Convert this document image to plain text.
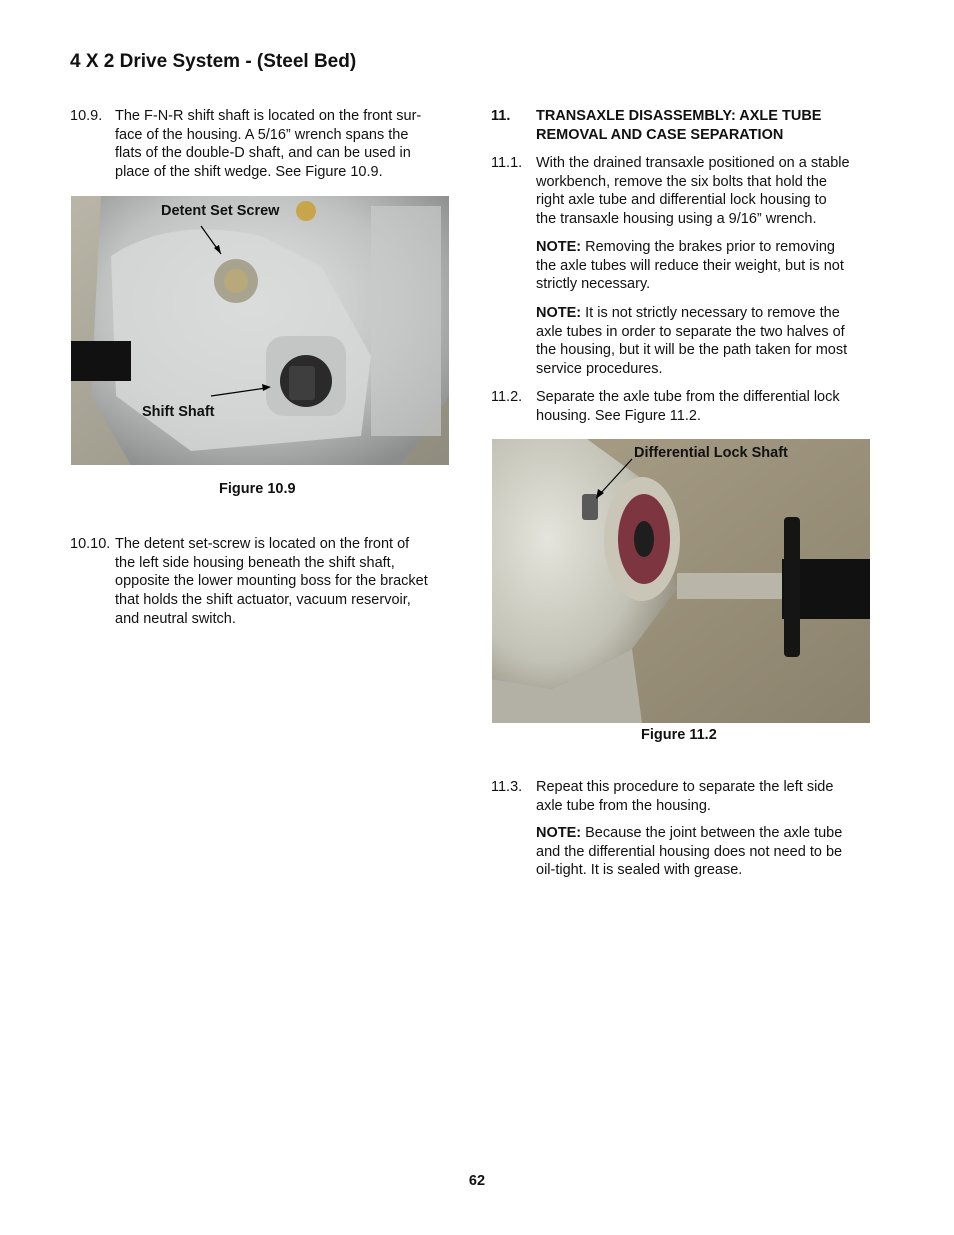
4 X 2 Drive System - (Steel Bed)
10.9. The F-N-R shift shaft is located on the front sur-
face of the housing. A 5/16” wrench spans the
flats of the double-D shaft, and can be used in
place of the shift wedge. See Figure 10.9.
Detent Set Screw
Shift Shaft
Figure 10.9
10.10. The detent set-screw is located on the front of
the left side housing beneath the shift shaft,
opposite the lower mounting boss for the bracket
that holds the shift actuator, vacuum reservoir,
and neutral switch.
11. TRANSAXLE DISASSEMBLY: AXLE TUBE
REMOVAL AND CASE SEPARATION
11.1. With the drained transaxle positioned on a stable
workbench, remove the six bolts that hold the
right axle tube and differential lock housing to
the transaxle housing using a 9/16” wrench.
NOTE: Removing the brakes prior to removing
the axle tubes will reduce their weight, but is not
strictly necessary.
NOTE: It is not strictly necessary to remove the
axle tubes in order to separate the two halves of
the housing, but it will be the path taken for most
service procedures.
11.2. Separate the axle tube from the differential lock
housing. See Figure 11.2.
Differential Lock Shaft
Figure 11.2
11.3. Repeat this procedure to separate the left side
axle tube from the housing.
NOTE: Because the joint between the axle tube
and the differential housing does not need to be
oil-tight. It is sealed with grease.
62
